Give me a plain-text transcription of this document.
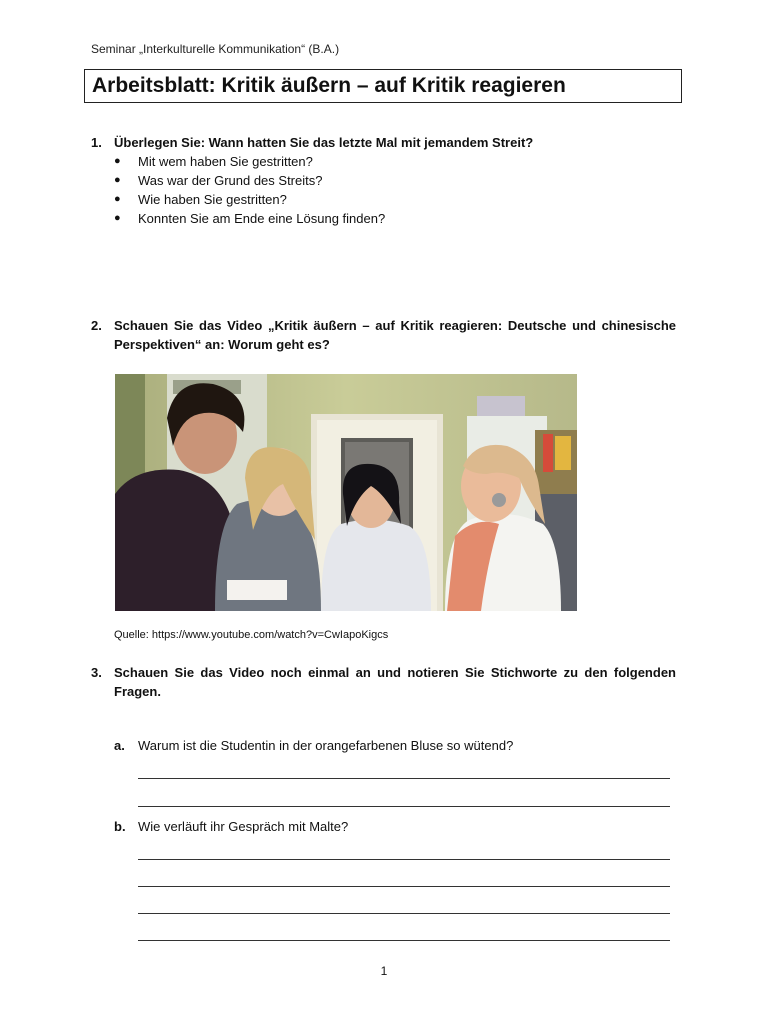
Seminar „Interkulturelle Kommunikation“ (B.A.)
Arbeitsblatt: Kritik äußern – auf Kritik reagieren
1. Überlegen Sie: Wann hatten Sie das letzte Mal mit jemandem Streit?
● Mit wem haben Sie gestritten?
● Was war der Grund des Streits?
● Wie haben Sie gestritten?
● Konnten Sie am Ende eine Lösung finden?
2. Schauen Sie das Video „Kritik äußern – auf Kritik reagieren: Deutsche und chinesische Perspektiven“ an: Worum geht es?
Quelle: https://www.youtube.com/watch?v=CwIapoKigcs
3. Schauen Sie das Video noch einmal an und notieren Sie Stichworte zu den folgenden Fragen.
a. Warum ist die Studentin in der orangefarbenen Bluse so wütend?
b. Wie verläuft ihr Gespräch mit Malte?
1
